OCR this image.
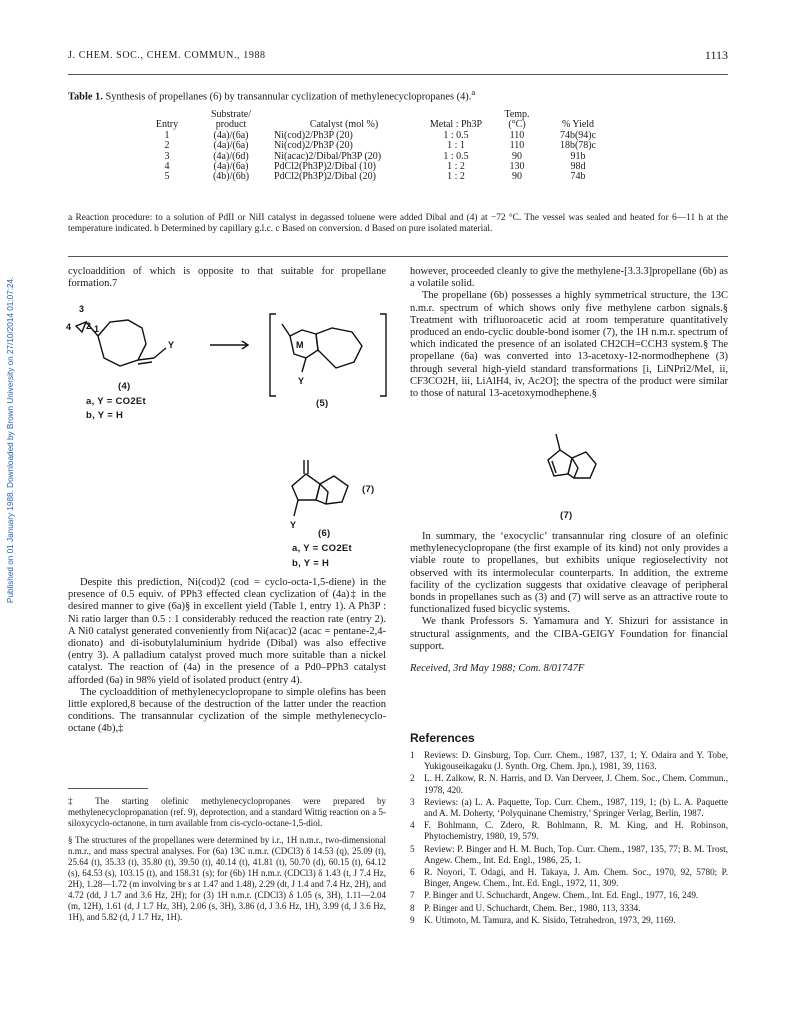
Published on 01 January 1988. Downloaded by Brown University on 27/10/2014 01:07:24.
J. CHEM. SOC., CHEM. COMMUN., 1988	1113
Table 1. Synthesis of propellanes (6) by transannular cyclization of methylenecyclopropanes (4).$^a$
	Substrate/			Temp.	
Entry	product	Catalyst (mol %)	Metal : Ph3P	(°C)	% Yield
1	(4a)/(6a)	Ni(cod)2/Ph3P (20)	1 : 0.5	110	74b(94)c
2	(4a)/(6a)	Ni(cod)2/Ph3P (20)	1 : 1	110	18b(78)c
3	(4a)/(6d)	Ni(acac)2/Dibal/Ph3P (20)	1 : 0.5	90	91b
4	(4a)/(6a)	PdCl2(Ph3P)2/Dibal (10)	1 : 2	130	98d
5	(4b)/(6b)	PdCl2(Ph3P)2/Dibal (20)	1 : 2	90	74b
a Reaction procedure: to a solution of PdII or NiII catalyst in degassed toluene were added Dibal and (4) at −72 °C. The vessel was sealed and heated for 6—11 h at the temperature indicated. b Determined by capillary g.l.c. c Based on conversion. d Based on pure isolated material.

cycloaddition of which is opposite to that suitable for propellane formation.7

Y
3
2 1
4
(4)
a, Y = CO2Et
b, Y = H
M
Y
(5)
Y
(7)
(6)
a, Y = CO2Et
b, Y = H

Despite this prediction, Ni(cod)2 (cod = cyclo-octa-1,5-diene) in the presence of 0.5 equiv. of PPh3 effected clean cyclization of (4a)‡ in the desired manner to give (6a)§ in excellent yield (Table 1, entry 1). A Ph3P : Ni ratio larger than 0.5 : 1 considerably reduced the reaction rate (entry 2). A Ni0 catalyst generated conveniently from Ni(acac)2 (acac = pentane-2,4-dionato) and di-isobutylaluminium hydride (Dibal) was also effective (entry 3). A palladium catalyst proved much more suitable than a nickel catalyst. The reaction of (4a) in the presence of a Pd0–PPh3 catalyst afforded (6a) in 98% yield of isolated product (entry 4).

The cycloaddition of methylenecyclopropane to simple olefins has been little explored,8 because of the destruction of the latter under the reaction conditions. The transannular cyclization of the simple methylenecyclo-octane (4b),‡

‡ The starting olefinic methylenecyclopropanes were prepared by methylenecyclopropanation (ref. 9), deprotection, and a standard Wittig reaction on a 5-siloxycyclo-octanone, in turn available from cis-cyclo-octane-1,5-diol.

§ The structures of the propellanes were determined by i.r., 1H n.m.r., two-dimensional n.m.r., and mass spectral analyses. For (6a) 13C n.m.r. (CDCl3) δ 14.53 (q), 25.09 (t), 25.64 (t), 35.33 (t), 35.80 (t), 39.50 (t), 40.14 (t), 41.81 (t), 50.70 (d), 60.15 (t), 64.12 (s), 64.53 (s), 103.15 (t), and 158.31 (s); for (6b) 1H n.m.r. (CDCl3) δ 1.43 (t, J 7.4 Hz, 2H), 1.28—1.72 (m involving br s at 1.47 and 1.48), 2.29 (dt, J 1.4 and 7.4 Hz, 2H), and 4.72 (dd, J 1.7 and 3.6 Hz, 2H); for (3) 1H n.m.r. (CDCl3) δ 1.05 (s, 3H), 1.11—2.04 (m, 12H), 1.61 (d, J 1.7 Hz, 3H), 2.06 (s, 3H), 3.86 (d, J 3.6 Hz, 1H), 3.99 (d, J 3.6 Hz, 1H), and 5.82 (d, J 1.7 Hz, 1H).

however, proceeded cleanly to give the methylene-[3.3.3]propellane (6b) as a volatile solid.

The propellane (6b) possesses a highly symmetrical structure, the 13C n.m.r. spectrum of which shows only five methylene carbon signals.§ Treatment with trifluoroacetic acid at room temperature quantitatively produced an endo-cyclic double-bond isomer (7), the 1H n.m.r. spectrum of which indicated the presence of an isolated CH2CH=CCH3 system.§ The propellane (6a) was converted into 13-acetoxy-12-normodhephene (3) through several high-yield standard transformations [i, LiNPri2/MeI, ii, CF3CO2H, iii, LiAlH4, iv, Ac2O]; the spectra of the product were similar to those of natural 13-acetoxymodhephene.§

(7)

In summary, the ‘exocyclic’ transannular ring closure of an olefinic methylenecyclopropane (the first example of its kind) not only provides a viable route to propellanes, but exhibits unique regioselectivity not observed with its intermolecular counterparts. In addition, the extreme facility of the cyclization suggests that oxidative cleavage of peripheral bonds in propellanes such as (3) and (7) will serve as an attractive route to functionalized fused bicyclic systems.

We thank Professors S. Yamamura and Y. Shizuri for assistance in structural assignments, and the CIBA-GEIGY Foundation for financial support.

Received, 3rd May 1988; Com. 8/01747F

References
1	Reviews: D. Ginsburg, Top. Curr. Chem., 1987, 137, 1; Y. Odaira and Y. Tobe, Yukigouseikagaku (J. Synth. Org. Chem. Jpn.), 1981, 39, 1163.
2	L. H. Zalkow, R. N. Harris, and D. Van Derveer, J. Chem. Soc., Chem. Commun., 1978, 420.
3	Reviews: (a) L. A. Paquette, Top. Curr. Chem., 1987, 119, 1; (b) L. A. Paquette and A. M. Doherty, ‘Polyquinane Chemistry,’ Springer Verlag, Berlin, 1987.
4	F. Bohlmann, C. Zdero, R. Bohlmann, R. M. King, and H. Robinson, Phytochemistry, 1980, 19, 579.
5	Review: P. Binger and H. M. Buch, Top. Curr. Chem., 1987, 135, 77; B. M. Trost, Angew. Chem., Int. Ed. Engl., 1986, 25, 1.
6	R. Noyori, T. Odagi, and H. Takaya, J. Am. Chem. Soc., 1970, 92, 5780; P. Binger, Angew. Chem., Int. Ed. Engl., 1972, 11, 309.
7	P. Binger and U. Schuchardt, Angew. Chem., Int. Ed. Engl., 1977, 16, 249.
8	P. Binger and U. Schuchardt, Chem. Ber., 1980, 113, 3334.
9	K. Utimoto, M. Tamura, and K. Sisido, Tetrahedron, 1973, 29, 1169.
